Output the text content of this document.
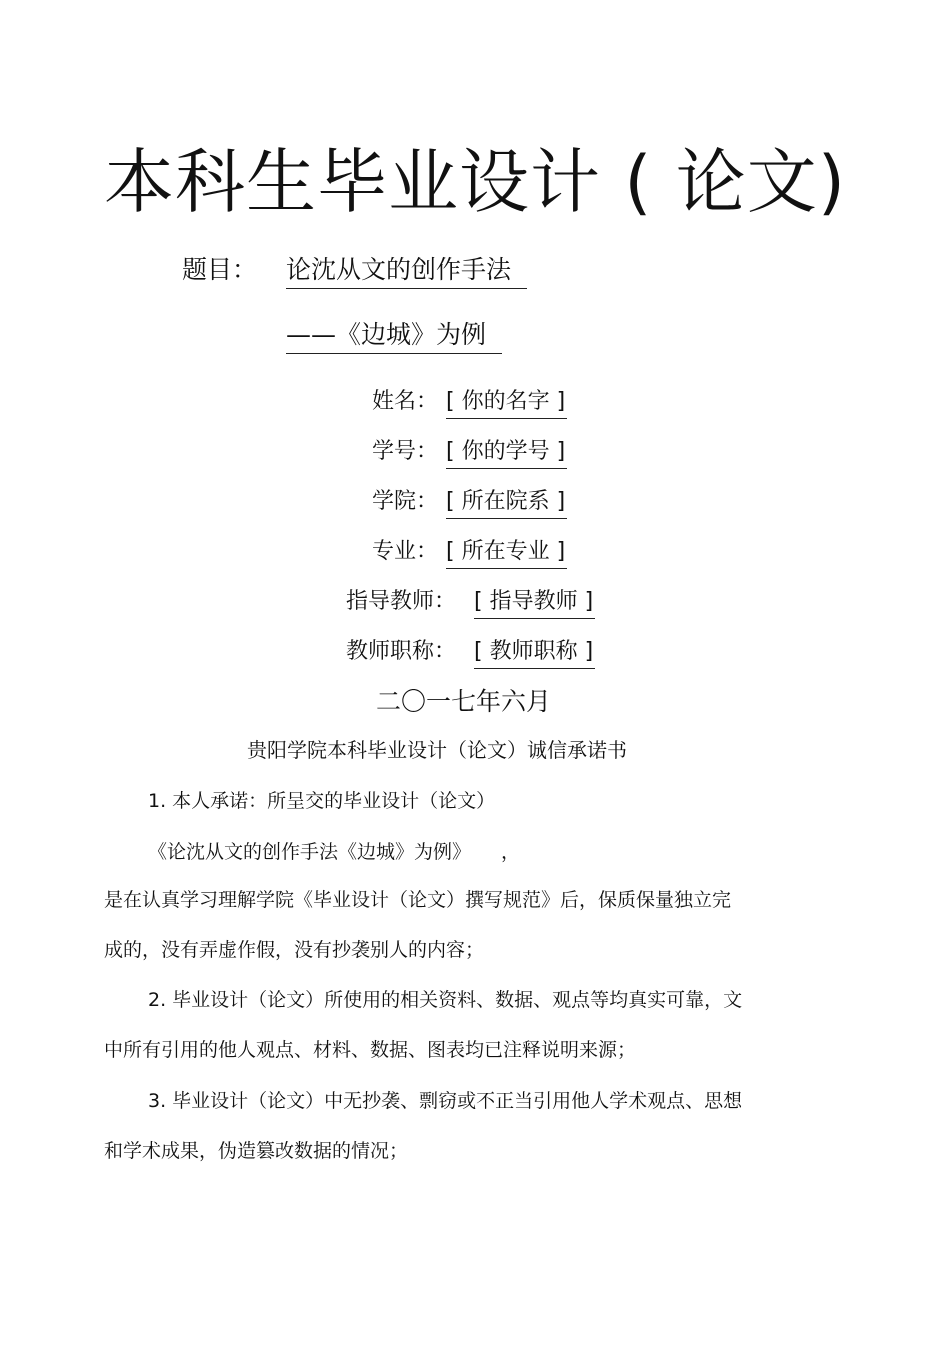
本科生毕业设计 ( 论文)
题目： 论沈从文的创作手法
——《边城》为例
姓名： [ 你的名字 ]
学号： [ 你的学号 ]
学院： [ 所在院系 ]
专业： [ 所在专业 ]
指导教师： [ 指导教师 ]
教师职称： [ 教师职称 ]
二〇一七年六月
贵阳学院本科毕业设计（论文）诚信承诺书
1. 本人承诺：所呈交的毕业设计（论文）
《论沈从文的创作手法《边城》为例》 ，
是在认真学习理解学院《毕业设计（论文）撰写规范》后，保质保量独立完
成的，没有弄虚作假，没有抄袭别人的内容；
2. 毕业设计（论文）所使用的相关资料、数据、观点等均真实可靠，文
中所有引用的他人观点、材料、数据、图表均已注释说明来源；
3. 毕业设计（论文）中无抄袭、剽窃或不正当引用他人学术观点、思想
和学术成果，伪造篡改数据的情况；
